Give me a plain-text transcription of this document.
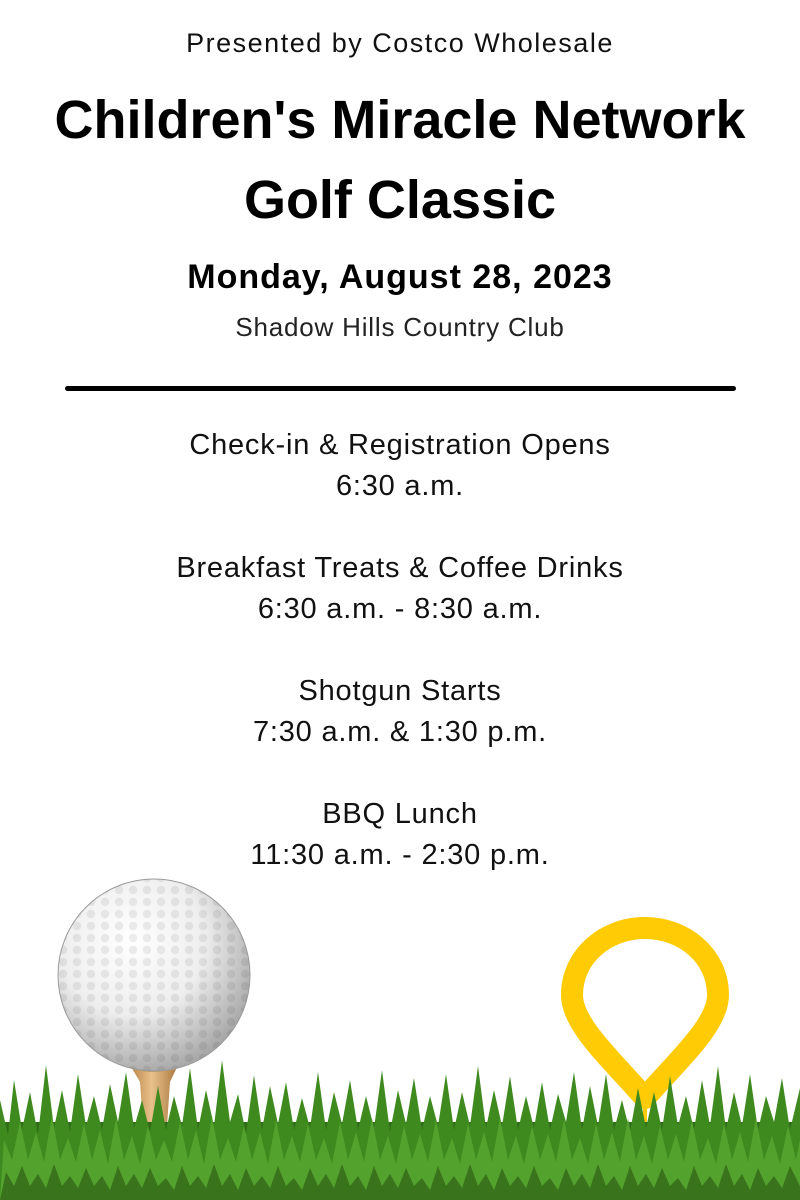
Presented by Costco Wholesale
Children's Miracle Network
Golf Classic
Monday, August 28, 2023
Shadow Hills Country Club
Check-in & Registration Opens
6:30 a.m.
Breakfast Treats & Coffee Drinks
6:30 a.m. - 8:30 a.m.
Shotgun Starts
7:30 a.m. & 1:30 p.m.
BBQ Lunch
11:30 a.m. - 2:30 p.m.
